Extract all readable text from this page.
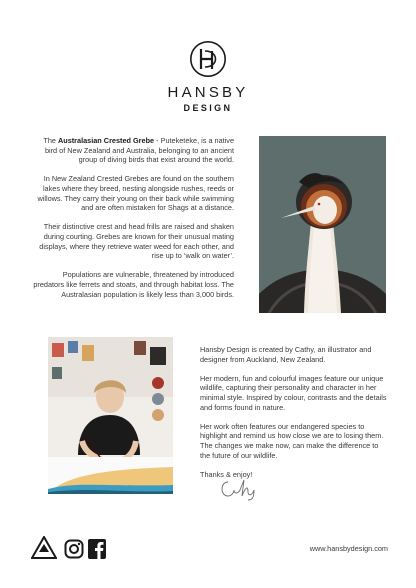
HANSBY
DESIGN

The Australasian Crested Grebe - Puteketeke, is a native bird of New Zealand and Australia, belonging to an ancient group of diving birds that exist around the world.

In New Zealand Crested Grebes are found on the southern lakes where they breed, nesting alongside rushes, reeds or willows. They carry their young on their back while swimming and are often mistaken for Shags at a distance.

Their distinctive crest and head frills are raised and shaken during courting. Grebes are known for their unusual mating displays, where they retrieve water weed for each other, and rise up to ‘walk on water’.

Populations are vulnerable, threatened by introduced predators like ferrets and stoats, and through habitat loss. The Australasian population is likely less than 3,000 birds.

Hansby Design is created by Cathy, an illustrator and designer from Auckland, New Zealand.

Her modern, fun and colourful images feature our unique wildlife, capturing their personality and character in her minimal style. Inspired by colour, contrasts and the details and forms found in nature.

Her work often features our endangered species to highlight and remind us how close we are to losing them. The changes we make now, can make the difference to the future of our wildlife.

Thanks & enjoy!

www.hansbydesign.com
